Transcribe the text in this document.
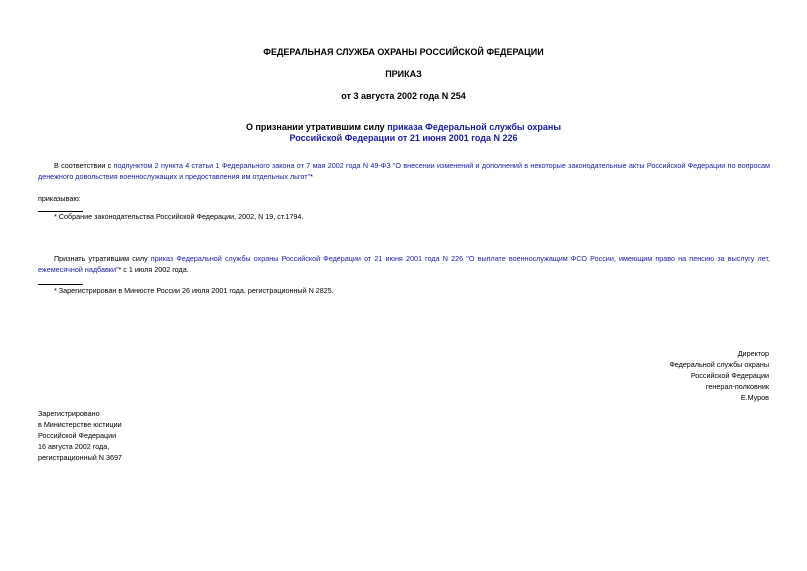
ФЕДЕРАЛЬНАЯ СЛУЖБА ОХРАНЫ РОССИЙСКОЙ ФЕДЕРАЦИИ
ПРИКАЗ
от 3 августа 2002 года N 254
О признании утратившим силу приказа Федеральной службы охраны
Российской Федерации от 21 июня 2001 года N 226
В соответствии с подпунктом 2 пункта 4 статьи 1 Федерального закона от 7 мая 2002 года N 49-ФЗ "О внесении изменений и дополнений в некоторые законодательные акты Российской Федерации по вопросам денежного довольствия военнослужащих и предоставления им отдельных льгот"*
приказываю:
* Собрание законодательства Российской Федерации, 2002, N 19, ст.1794.
Признать утратившим силу приказ Федеральной службы охраны Российской Федерации от 21 июня 2001 года N 226 "О выплате военнослужащим ФСО России, имеющим право на пенсию за выслугу лет, ежемесячной надбавки"* с 1 июля 2002 года.
* Зарегистрирован в Минюсте России 26 июля 2001 года, регистрационный N 2825.
Директор
Федеральной службы охраны
Российской Федерации
генерал-полковник
Е.Муров
Зарегистрировано
в Министерстве юстиции
Российской Федерации
16 августа 2002 года,
регистрационный N 3697
